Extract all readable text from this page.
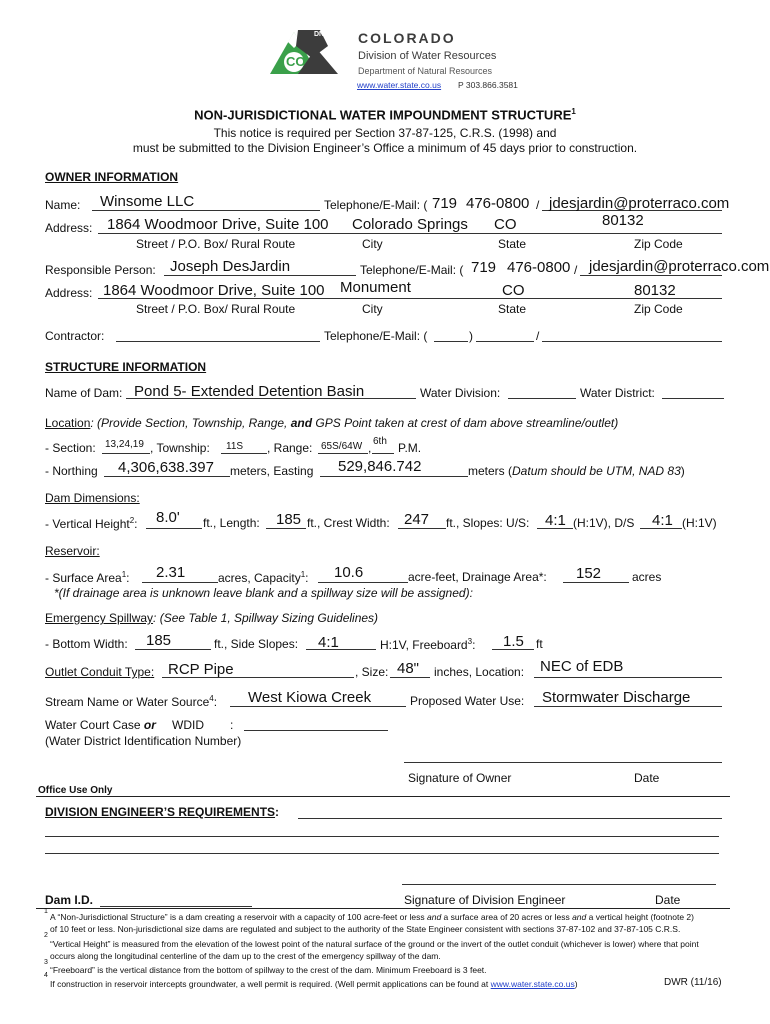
DNR
CO
COLORADO
Division of Water Resources
Department of Natural Resources
www.water.state.co.us P 303.866.3581
NON-JURISDICTIONAL WATER IMPOUNDMENT STRUCTURE$^1$
This notice is required per Section 37-87-125, C.R.S. (1998) and
must be submitted to the Division Engineer’s Office a minimum of 45 days prior to construction.
OWNER INFORMATION
Name: Winsome LLC	Telephone/E-Mail: ( 719 476-0800 / jdesjardin@proterraco.com
Address: 1864 Woodmoor Drive, Suite 100 Colorado Springs CO	80132
Street / P.O. Box/ Rural Route	City	State	Zip Code
Responsible Person: Joseph DesJardin	Telephone/E-Mail: ( 719 476-0800 / jdesjardin@proterraco.com
Address: 1864 Woodmoor Drive, Suite 100 Monument	CO	80132
Street / P.O. Box/ Rural Route	City	State	Zip Code
Contractor:	Telephone/E-Mail: (	)	/
STRUCTURE INFORMATION
Name of Dam: Pond 5- Extended Detention Basin	Water Division:	Water District:
Location: (Provide Section, Township, Range, and GPS Point taken at crest of dam above streamline/outlet)
- Section: 13,24,19 , Township: 11S , Range: 65S/64W , 6th P.M.
- Northing 4,306,638.397 meters, Easting 529,846.742	meters (Datum should be UTM, NAD 83)
Dam Dimensions:
- Vertical Height$^2$: 8.0' ft., Length: 185 ft., Crest Width: 247 ft., Slopes: U/S: 4:1 (H:1V), D/S 4:1 (H:1V)
Reservoir:
- Surface Area$^1$: 2.31	acres, Capacity$^1$: 10.6	acre-feet, Drainage Area*: 152	acres
*(If drainage area is unknown leave blank and a spillway size will be assigned):
Emergency Spillway: (See Table 1, Spillway Sizing Guidelines)
- Bottom Width: 185	ft., Side Slopes: 4:1	H:1V, Freeboard$^3$: 1.5 ft
Outlet Conduit Type: RCP Pipe	, Size: 48" inches, Location: NEC of EDB
Stream Name or Water Source$^4$: West Kiowa Creek	Proposed Water Use: Stormwater Discharge
Water Court Case or WDID :
(Water District Identification Number)
Signature of Owner	Date
Office Use Only
DIVISION ENGINEER’S REQUIREMENTS:
Dam I.D.	Signature of Division Engineer	Date
1
A “Non-Jurisdictional Structure” is a dam creating a reservoir with a capacity of 100 acre-feet or less and a surface area of 20 acres or less and a vertical height (footnote 2)
of 10 feet or less. Non-jurisdictional size dams are regulated and subject to the authority of the State Engineer consistent with sections 37-87-102 and 37-87-105 C.R.S.
2
“Vertical Height” is measured from the elevation of the lowest point of the natural surface of the ground or the invert of the outlet conduit (whichever is lower) where that point
occurs along the longitudinal centerline of the dam up to the crest of the emergency spillway of the dam.
3
“Freeboard” is the vertical distance from the bottom of spillway to the crest of the dam. Minimum Freeboard is 3 feet.
4
If construction in reservoir intercepts groundwater, a well permit is required. (Well permit applications can be found at www.water.state.co.us)	DWR (11/16)
